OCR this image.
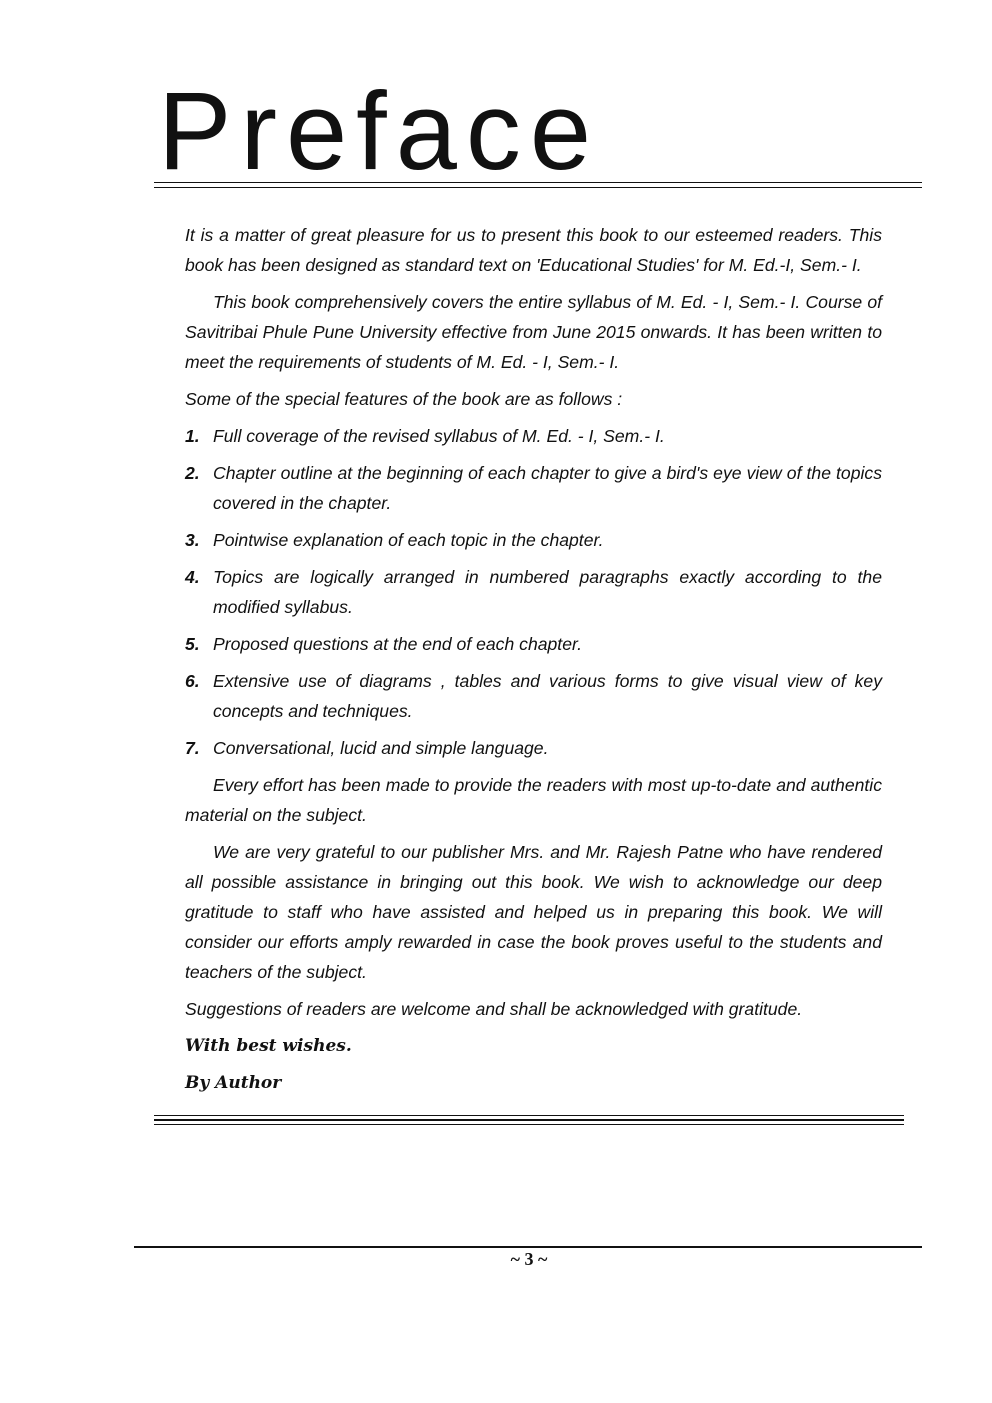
Preface

It is a matter of great pleasure for us to present this book to our esteemed readers. This book has been designed as standard text on 'Educational Studies' for M. Ed.-I, Sem.- I.

This book comprehensively covers the entire syllabus of M. Ed. - I, Sem.- I. Course of Savitribai Phule Pune University effective from June 2015 onwards. It has been written to meet the requirements of students of M. Ed. - I, Sem.- I.

Some of the special features of the book are as follows :

1. Full coverage of the revised syllabus of M. Ed. - I, Sem.- I.
2. Chapter outline at the beginning of each chapter to give a bird's eye view of the topics covered in the chapter.
3. Pointwise explanation of each topic in the chapter.
4. Topics are logically arranged in numbered paragraphs exactly according to the modified syllabus.
5. Proposed questions at the end of each chapter.
6. Extensive use of diagrams , tables and various forms to give visual view of key concepts and techniques.
7. Conversational, lucid and simple language.

Every effort has been made to provide the readers with most up-to-date and authentic material on the subject.

We are very grateful to our publisher Mrs. and Mr. Rajesh Patne who have rendered all possible assistance in bringing out this book. We wish to acknowledge our deep gratitude to staff who have assisted and helped us in preparing this book. We will consider our efforts amply rewarded in case the book proves useful to the students and teachers of the subject.

Suggestions of readers are welcome and shall be acknowledged with gratitude.

With best wishes.

By Author

~ 3 ~
